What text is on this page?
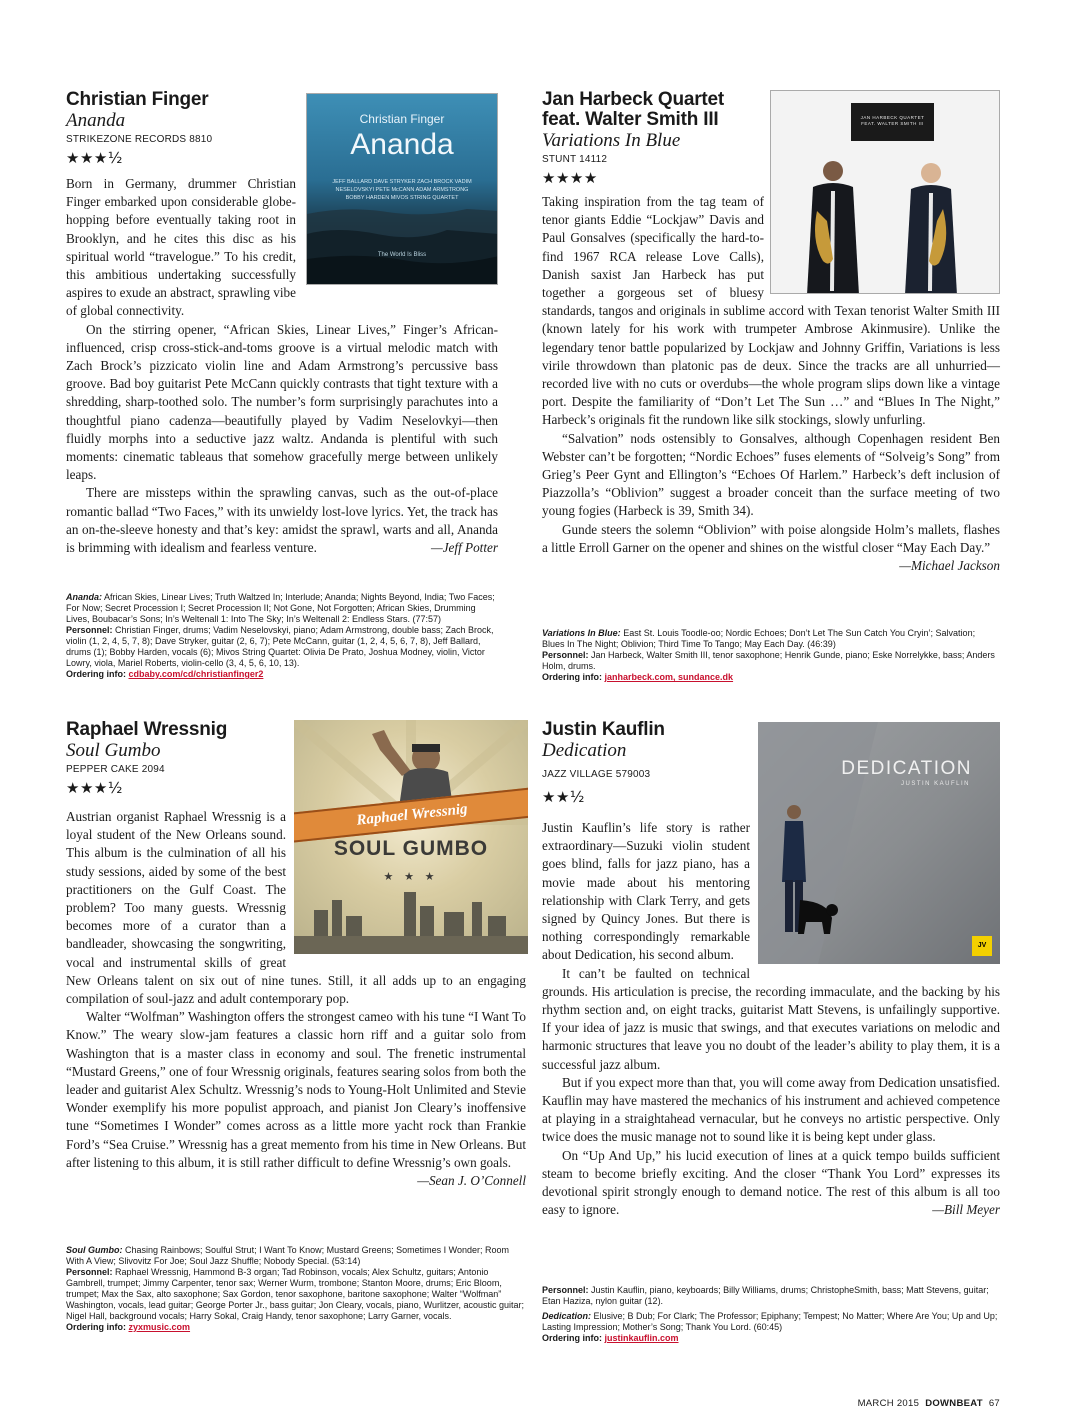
Christian Finger
Ananda
STRIKEZONE RECORDS 8810
★★★½
Christian Finger
Ananda
JEFF BALLARD DAVE STRYKER ZACH BROCK VADIM NESELOVSKYI PETE McCANN ADAM ARMSTRONG BOBBY HARDEN MIVOS STRING QUARTET
The World Is Bliss

Born in Germany, drummer Christian Finger embarked upon considerable globe-hopping before eventually taking root in Brooklyn, and he cites this disc as his spiritual world “travelogue.” To his credit, this ambitious undertaking successfully aspires to exude an abstract, sprawling vibe of global connectivity.

On the stirring opener, “African Skies, Linear Lives,” Finger’s African-influenced, crisp cross-stick-and-toms groove is a virtual melodic match with Zach Brock’s pizzicato violin line and Adam Armstrong’s percussive bass groove. Bad boy guitarist Pete McCann quickly contrasts that tight texture with a shredding, sharp-toothed solo. The number’s form surprisingly parachutes into a thoughtful piano cadenza—beautifully played by Vadim Neselovkyi—then fluidly morphs into a seductive jazz waltz. Andanda is plentiful with such moments: cinematic tableaus that somehow gracefully merge between unlikely leaps.

There are missteps within the sprawling canvas, such as the out-of-place romantic ballad “Two Faces,” with its unwieldy lost-love lyrics. Yet, the track has an on-the-sleeve honesty and that’s key: amidst the sprawl, warts and all, Ananda is brimming with idealism and fearless venture.	—Jeff Potter

Ananda: African Skies, Linear Lives; Truth Waltzed In; Interlude; Ananda; Nights Beyond, India; Two Faces; For Now; Secret Procession I; Secret Procession II; Not Gone, Not Forgotten; African Skies, Drumming Lives, Boubacar’s Sons; In’s Weltenall 1: Into The Sky; In’s Weltenall 2: Endless Stars. (77:57)
Personnel: Christian Finger, drums; Vadim Neselovskyi, piano; Adam Armstrong, double bass; Zach Brock, violin (1, 2, 4, 5, 7, 8); Dave Stryker, guitar (2, 6, 7); Pete McCann, guitar (1, 2, 4, 5, 6, 7, 8), Jeff Ballard, drums (1); Bobby Harden, vocals (6); Mivos String Quartet: Olivia De Prato, Joshua Modney, violin, Victor Lowry, viola, Mariel Roberts, violin-cello (3, 4, 5, 6, 10, 13).
Ordering info: cdbaby.com/cd/christianfinger2
Jan Harbeck Quartet
feat. Walter Smith III
Variations In Blue
STUNT 14112
★★★★
JAN HARBECK QUARTET
FEAT. WALTER SMITH III

Taking inspiration from the tag team of tenor giants Eddie “Lockjaw” Davis and Paul Gonsalves (specifically the hard-to-find 1967 RCA release Love Calls), Danish saxist Jan Harbeck has put together a gorgeous set of bluesy standards, tangos and originals in sublime accord with Texan tenorist Walter Smith III (known lately for his work with trumpeter Ambrose Akinmusire). Unlike the legendary tenor battle popularized by Lockjaw and Johnny Griffin, Variations is less virile throwdown than platonic pas de deux. Since the tracks are all unhurried—recorded live with no cuts or overdubs—the whole program slips down like a vintage port. Despite the familiarity of “Don’t Let The Sun …” and “Blues In The Night,” Harbeck’s originals fit the rundown like silk stockings, slowly unfurling.

“Salvation” nods ostensibly to Gonsalves, although Copenhagen resident Ben Webster can’t be forgotten; “Nordic Echoes” fuses elements of “Solveig’s Song” from Grieg’s Peer Gynt and Ellington’s “Echoes Of Harlem.” Harbeck’s deft inclusion of Piazzolla’s “Oblivion” suggest a broader conceit than the surface meeting of two young fogies (Harbeck is 39, Smith 34).

Gunde steers the solemn “Oblivion” with poise alongside Holm’s mallets, flashes a little Erroll Garner on the opener and shines on the wistful closer “May Each Day.”
—Michael Jackson

Variations In Blue: East St. Louis Toodle-oo; Nordic Echoes; Don’t Let The Sun Catch You Cryin’; Salvation; Blues In The Night; Oblivion; Third Time To Tango; May Each Day. (46:39)
Personnel: Jan Harbeck, Walter Smith III, tenor saxophone; Henrik Gunde, piano; Eske Norrelykke, bass; Anders Holm, drums.
Ordering info: janharbeck.com, sundance.dk
Raphael Wressnig
Soul Gumbo
PEPPER CAKE 2094
★★★½
Raphael Wressnig
SOUL GUMBO
★ ★ ★

Austrian organist Raphael Wressnig is a loyal student of the New Orleans sound. This album is the culmination of all his study sessions, aided by some of the best practitioners on the Gulf Coast. The problem? Too many guests. Wressnig becomes more of a curator than a bandleader, showcasing the songwriting, vocal and instrumental skills of great New Orleans talent on six out of nine tunes. Still, it all adds up to an engaging compilation of soul-jazz and adult contemporary pop.

Walter “Wolfman” Washington offers the strongest cameo with his tune “I Want To Know.” The weary slow-jam features a classic horn riff and a guitar solo from Washington that is a master class in economy and soul. The frenetic instrumental “Mustard Greens,” one of four Wressnig originals, features searing solos from both the leader and guitarist Alex Schultz. Wressnig’s nods to Young-Holt Unlimited and Stevie Wonder exemplify his more populist approach, and pianist Jon Cleary’s inoffensive tune “Sometimes I Wonder” comes across as a little more yacht rock than Frankie Ford’s “Sea Cruise.” Wressnig has a great memento from his time in New Orleans. But after listening to this album, it is still rather difficult to define Wressnig’s own goals.
—Sean J. O’Connell

Soul Gumbo: Chasing Rainbows; Soulful Strut; I Want To Know; Mustard Greens; Sometimes I Wonder; Room With A View; Slivovitz For Joe; Soul Jazz Shuffle; Nobody Special. (53:14)
Personnel: Raphael Wressnig, Hammond B-3 organ; Tad Robinson, vocals; Alex Schultz, guitars; Antonio Gambrell, trumpet; Jimmy Carpenter, tenor sax; Werner Wurm, trombone; Stanton Moore, drums; Eric Bloom, trumpet; Max the Sax, alto saxophone; Sax Gordon, tenor saxophone, baritone saxophone; Walter “Wolfman” Washington, vocals, lead guitar; George Porter Jr., bass guitar; Jon Cleary, vocals, piano, Wurlitzer, acoustic guitar; Nigel Hall, background vocals; Harry Sokal, Craig Handy, tenor saxophone; Larry Garner, vocals.
Ordering info: zyxmusic.com
Justin Kauflin
Dedication
JAZZ VILLAGE 579003
★★½
DEDICATION
JUSTIN KAUFLIN
JV

Justin Kauflin’s life story is rather extraordinary—Suzuki violin student goes blind, falls for jazz piano, has a movie made about his mentoring relationship with Clark Terry, and gets signed by Quincy Jones. But there is nothing correspondingly remarkable about Dedication, his second album.

It can’t be faulted on technical grounds. His articulation is precise, the recording immaculate, and the backing by his rhythm section and, on eight tracks, guitarist Matt Stevens, is unfailingly supportive. If your idea of jazz is music that swings, and that executes variations on melodic and harmonic structures that leave you no doubt of the leader’s ability to play them, it is a successful jazz album.

But if you expect more than that, you will come away from Dedication unsatisfied. Kauflin may have mastered the mechanics of his instrument and achieved competence at playing in a straightahead vernacular, but he conveys no artistic perspective. Only twice does the music manage not to sound like it is being kept under glass.

On “Up And Up,” his lucid execution of lines at a quick tempo builds sufficient steam to become briefly exciting. And the closer “Thank You Lord” expresses its devotional spirit strongly enough to demand notice. The rest of this album is all too easy to ignore.	—Bill Meyer

Personnel: Justin Kauflin, piano, keyboards; Billy Williams, drums; ChristopheSmith, bass; Matt Stevens, guitar; Etan Haziza, nylon guitar (12).
Dedication: Elusive; B Dub; For Clark; The Professor; Epiphany; Tempest; No Matter; Where Are You; Up and Up; Lasting Impression; Mother’s Song; Thank You Lord. (60:45)
Ordering info: justinkauflin.com
MARCH 2015 DOWNBEAT 67
